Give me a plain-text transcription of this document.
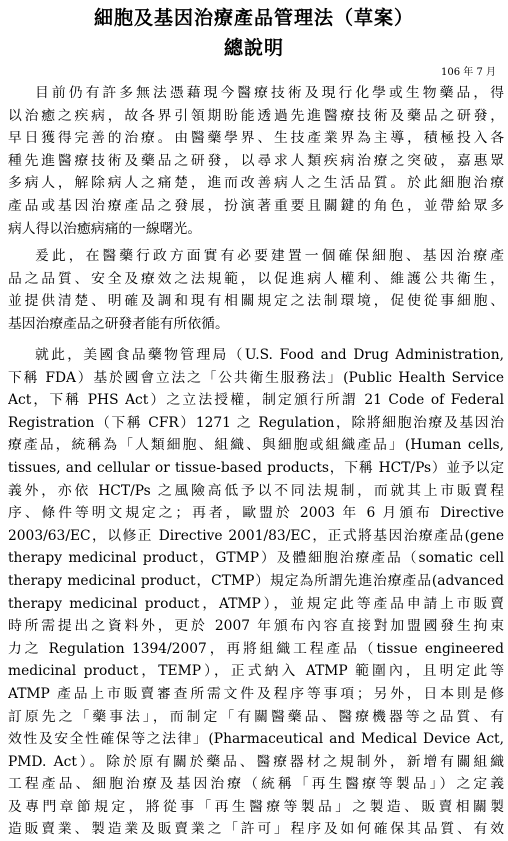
細胞及基因治療產品管理法（草案）
總說明
106 年 7 月
目前仍有許多無法憑藉現今醫療技術及現行化學或生物藥品，得
以治癒之疾病，故各界引領期盼能透過先進醫療技術及藥品之研發，
早日獲得完善的治療。由醫藥學界、生技產業界為主導，積極投入各
種先進醫療技術及藥品之研發，以尋求人類疾病治療之突破，嘉惠眾
多病人，解除病人之痛楚，進而改善病人之生活品質。於此細胞治療
產品或基因治療產品之發展，扮演著重要且關鍵的角色，並帶給眾多
病人得以治癒病痛的一線曙光。
爰此，在醫藥行政方面實有必要建置一個確保細胞、基因治療產
品之品質、安全及療效之法規範，以促進病人權利、維護公共衛生，
並提供清楚、明確及調和現有相關規定之法制環境，促使從事細胞、
基因治療產品之研發者能有所依循。
就此，美國食品藥物管理局（U.S. Food and Drug Administration,
下稱 FDA）基於國會立法之「公共衛生服務法」(Public Health Service
Act，下稱 PHS Act）之立法授權，制定頒行所謂 21 Code of Federal
Registration（下稱 CFR）1271 之 Regulation，除將細胞治療及基因治
療產品，統稱為「人類細胞、組織、與細胞或組織產品」(Human cells,
tissues, and cellular or tissue-based products，下稱 HCT/Ps）並予以定
義外，亦依 HCT/Ps 之風險高低予以不同法規制，而就其上市販賣程
序、條件等明文規定之；再者，歐盟於 2003 年 6 月頒布 Directive
2003/63/EC，以修正 Directive 2001/83/EC，正式將基因治療產品(gene
therapy medicinal product，GTMP）及體細胞治療產品（somatic cell
therapy medicinal product，CTMP）規定為所謂先進治療產品(advanced
therapy medicinal product，ATMP），並規定此等產品申請上市販賣
時所需提出之資料外，更於 2007 年頒布內容直接對加盟國發生拘束
力之 Regulation 1394/2007，再將組織工程產品（tissue engineered
medicinal product，TEMP），正式納入 ATMP 範圍內，且明定此等
ATMP 產品上市販賣審查所需文件及程序等事項；另外，日本則是修
訂原先之「藥事法」，而制定「有關醫藥品、醫療機器等之品質、有
效性及安全性確保等之法律」(Pharmaceutical and Medical Device Act,
PMD. Act）。除於原有關於藥品、醫療器材之規制外，新增有關組織
工程產品、細胞治療及基因治療（統稱「再生醫療等製品」）之定義
及專門章節規定，將從事「再生醫療等製品」之製造、販賣相關製
造販賣業、製造業及販賣業之「許可」程序及如何確保其品質、有效
